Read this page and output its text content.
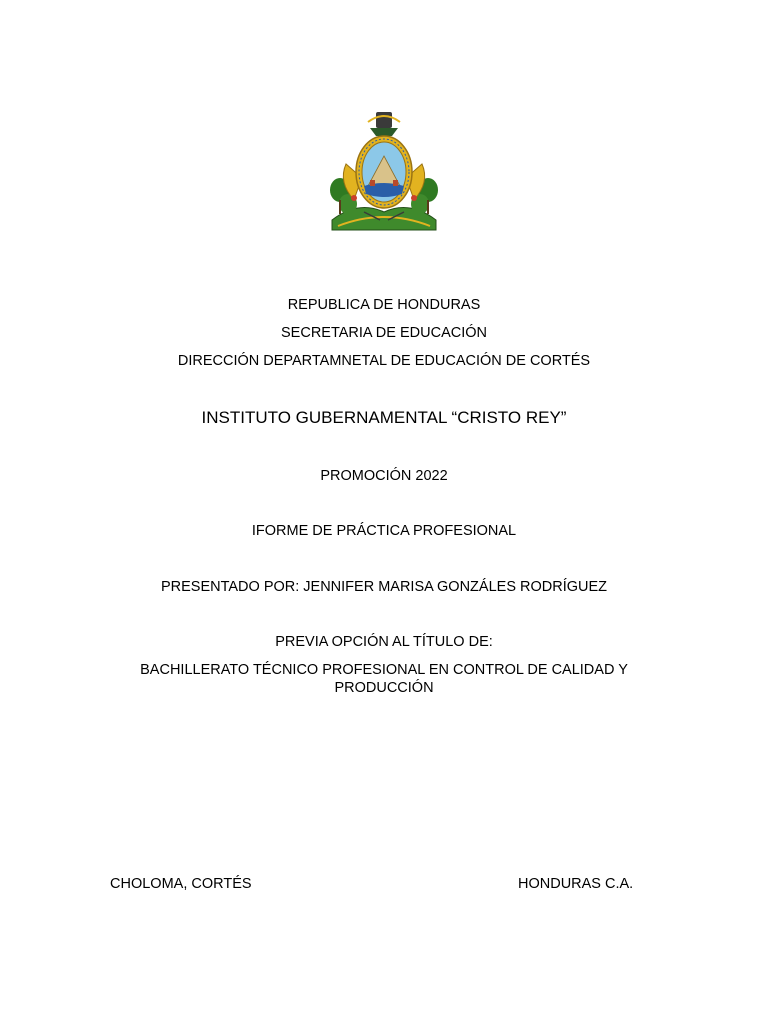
REPUBLICA DE HONDURAS
SECRETARIA DE EDUCACIÓN
DIRECCIÓN DEPARTAMNETAL DE EDUCACIÓN DE CORTÉS
INSTITUTO GUBERNAMENTAL “CRISTO REY”
PROMOCIÓN 2022
IFORME DE PRÁCTICA PROFESIONAL
PRESENTADO POR: JENNIFER MARISA GONZÁLES RODRÍGUEZ
PREVIA OPCIÓN AL TÍTULO DE:
BACHILLERATO TÉCNICO PROFESIONAL EN CONTROL DE CALIDAD Y PRODUCCIÓN
CHOLOMA, CORTÉS	HONDURAS C.A.
